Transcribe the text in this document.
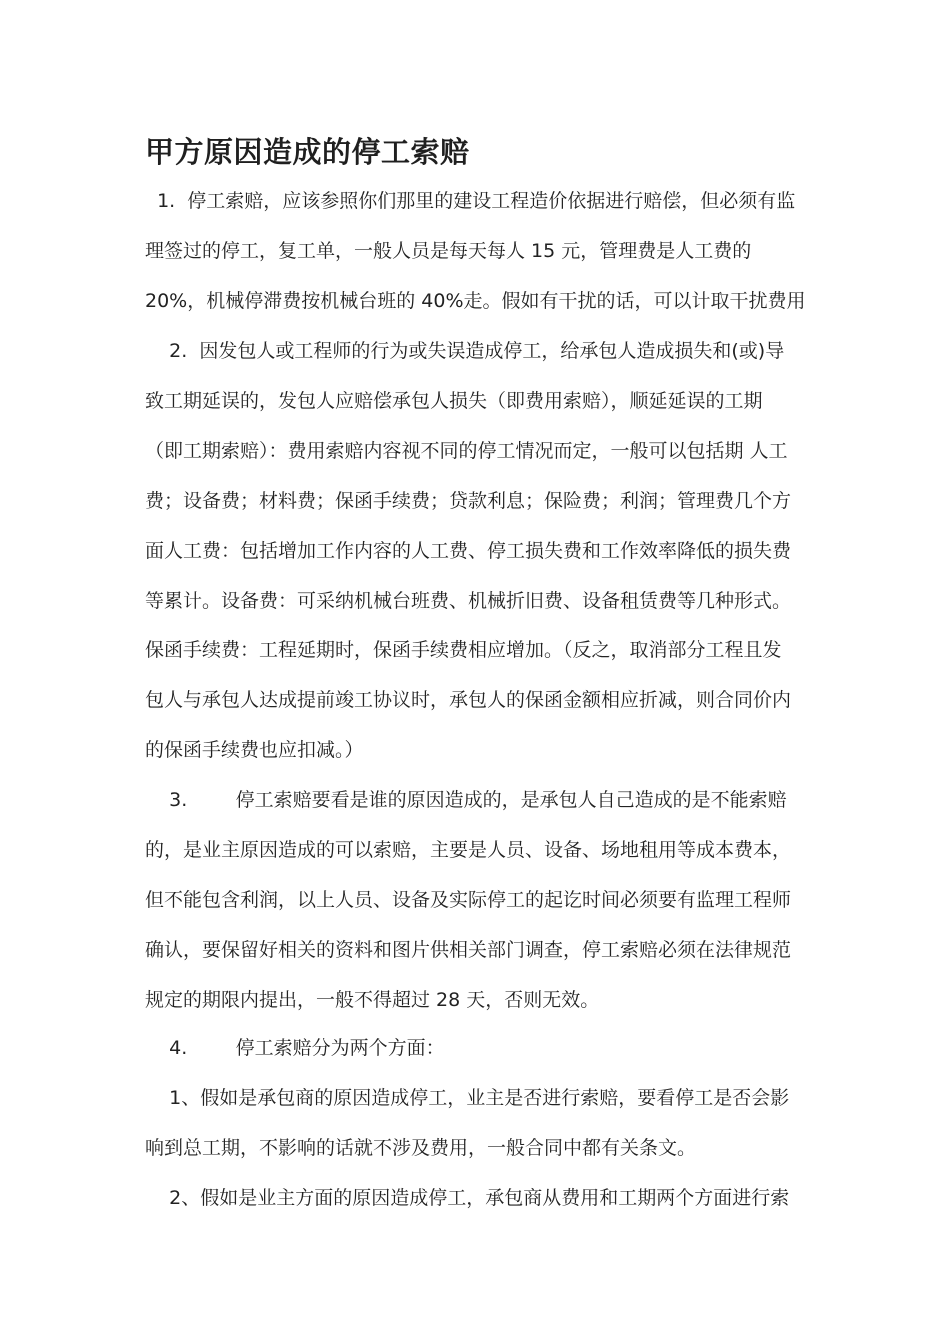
甲方原因造成的停工索赔

1.  停工索赔，应该参照你们那里的建设工程造价依据进行赔偿，但必须有监

理签过的停工，复工单，一般人员是每天每人 15 元，管理费是人工费的

20%，机械停滞费按机械台班的 40%走。假如有干扰的话，可以计取干扰费用

2.  因发包人或工程师的行为或失误造成停工，给承包人造成损失和(或)导

致工期延误的，发包人应赔偿承包人损失（即费用索赔），顺延延误的工期

（即工期索赔）：费用索赔内容视不同的停工情况而定，一般可以包括期 人工

费；设备费；材料费；保函手续费；贷款利息；保险费；利润；管理费几个方

面人工费：包括增加工作内容的人工费、停工损失费和工作效率降低的损失费

等累计。设备费：可采纳机械台班费、机械折旧费、设备租赁费等几种形式。

保函手续费：工程延期时，保函手续费相应增加。（反之，取消部分工程且发

包人与承包人达成提前竣工协议时，承包人的保函金额相应折减，则合同价内

的保函手续费也应扣减。）

3.        停工索赔要看是谁的原因造成的，是承包人自己造成的是不能索赔

的，是业主原因造成的可以索赔，主要是人员、设备、场地租用等成本费本，

但不能包含利润，以上人员、设备及实际停工的起讫时间必须要有监理工程师

确认，要保留好相关的资料和图片供相关部门调查，停工索赔必须在法律规范

规定的期限内提出，一般不得超过 28 天，否则无效。

4.        停工索赔分为两个方面：

1、假如是承包商的原因造成停工，业主是否进行索赔，要看停工是否会影

响到总工期，不影响的话就不涉及费用，一般合同中都有关条文。

2、假如是业主方面的原因造成停工，承包商从费用和工期两个方面进行索
